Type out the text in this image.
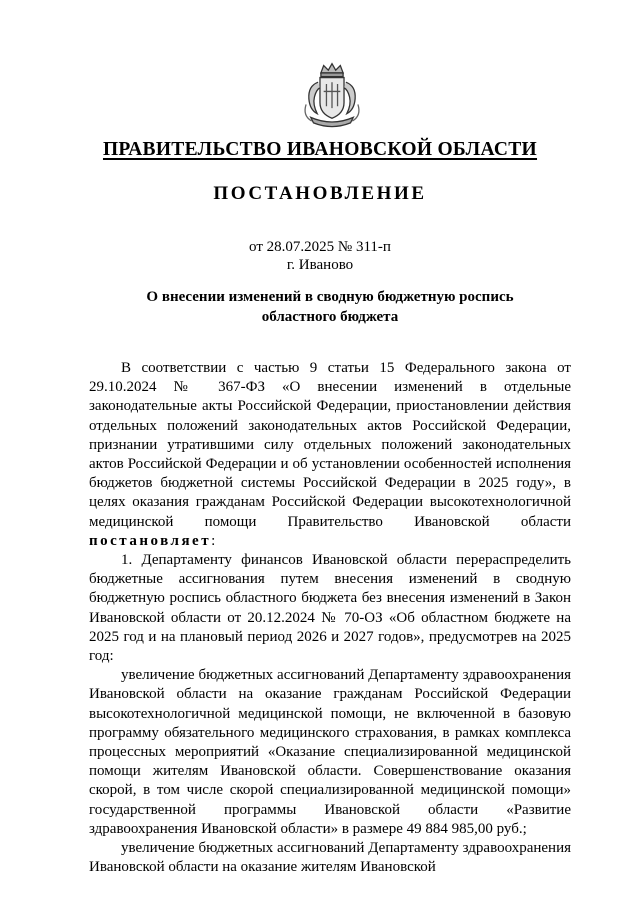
ПРАВИТЕЛЬСТВО ИВАНОВСКОЙ ОБЛАСТИ
ПОСТАНОВЛЕНИЕ
от 28.07.2025 № 311-п
г. Иваново
О внесении изменений в сводную бюджетную роспись
областного бюджета

В соответствии с частью 9 статьи 15 Федерального закона от 29.10.2024 № 367-ФЗ «О внесении изменений в отдельные законодательные акты Российской Федерации, приостановлении действия отдельных положений законодательных актов Российской Федерации, признании утратившими силу отдельных положений законодательных актов Российской Федерации и об установлении особенностей исполнения бюджетов бюджетной системы Российской Федерации в 2025 году», в целях оказания гражданам Российской Федерации высокотехнологичной медицинской помощи Правительство Ивановской области постановляет:

1. Департаменту финансов Ивановской области перераспределить бюджетные ассигнования путем внесения изменений в сводную бюджетную роспись областного бюджета без внесения изменений в Закон Ивановской области от 20.12.2024 № 70-ОЗ «Об областном бюджете на 2025 год и на плановый период 2026 и 2027 годов», предусмотрев на 2025 год:

увеличение бюджетных ассигнований Департаменту здравоохранения Ивановской области на оказание гражданам Российской Федерации высокотехнологичной медицинской помощи, не включенной в базовую программу обязательного медицинского страхования, в рамках комплекса процессных мероприятий «Оказание специализированной медицинской помощи жителям Ивановской области. Совершенствование оказания скорой, в том числе скорой специализированной медицинской помощи» государственной программы Ивановской области «Развитие здравоохранения Ивановской области» в размере 49 884 985,00 руб.;

увеличение бюджетных ассигнований Департаменту здравоохранения Ивановской области на оказание жителям Ивановской
